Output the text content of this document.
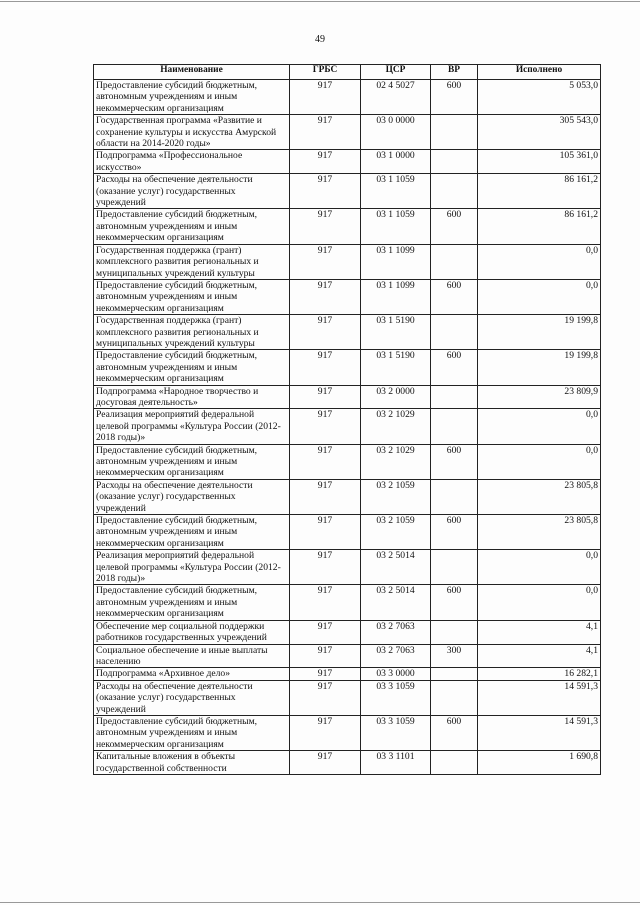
49
Наименование	ГРБС	ЦСР	ВР	Исполнено
Предоставление субсидий бюджетным, автономным учреждениям и иным некоммерческим организациям	917	02 4 5027	600	5 053,0
Государственная программа «Развитие и сохранение культуры и искусства Амурской области на 2014-2020 годы»	917	03 0 0000		305 543,0
Подпрограмма «Профессиональное искусство»	917	03 1 0000		105 361,0
Расходы на обеспечение деятельности (оказание услуг) государственных учреждений	917	03 1 1059		86 161,2
Предоставление субсидий бюджетным, автономным учреждениям и иным некоммерческим организациям	917	03 1 1059	600	86 161,2
Государственная поддержка (грант) комплексного развития региональных и муниципальных учреждений культуры	917	03 1 1099		0,0
Предоставление субсидий бюджетным, автономным учреждениям и иным некоммерческим организациям	917	03 1 1099	600	0,0
Государственная поддержка (грант) комплексного развития региональных и муниципальных учреждений культуры	917	03 1 5190		19 199,8
Предоставление субсидий бюджетным, автономным учреждениям и иным некоммерческим организациям	917	03 1 5190	600	19 199,8
Подпрограмма «Народное творчество и досуговая деятельность»	917	03 2 0000		23 809,9
Реализация мероприятий федеральной целевой программы «Культура России (2012-2018 годы)»	917	03 2 1029		0,0
Предоставление субсидий бюджетным, автономным учреждениям и иным некоммерческим организациям	917	03 2 1029	600	0,0
Расходы на обеспечение деятельности (оказание услуг) государственных учреждений	917	03 2 1059		23 805,8
Предоставление субсидий бюджетным, автономным учреждениям и иным некоммерческим организациям	917	03 2 1059	600	23 805,8
Реализация мероприятий федеральной целевой программы «Культура России (2012-2018 годы)»	917	03 2 5014		0,0
Предоставление субсидий бюджетным, автономным учреждениям и иным некоммерческим организациям	917	03 2 5014	600	0,0
Обеспечение мер социальной поддержки работников государственных учреждений	917	03 2 7063		4,1
Социальное обеспечение и иные выплаты населению	917	03 2 7063	300	4,1
Подпрограмма «Архивное дело»	917	03 3 0000		16 282,1
Расходы на обеспечение деятельности (оказание услуг) государственных учреждений	917	03 3 1059		14 591,3
Предоставление субсидий бюджетным, автономным учреждениям и иным некоммерческим организациям	917	03 3 1059	600	14 591,3
Капитальные вложения в объекты государственной собственности	917	03 3 1101		1 690,8
